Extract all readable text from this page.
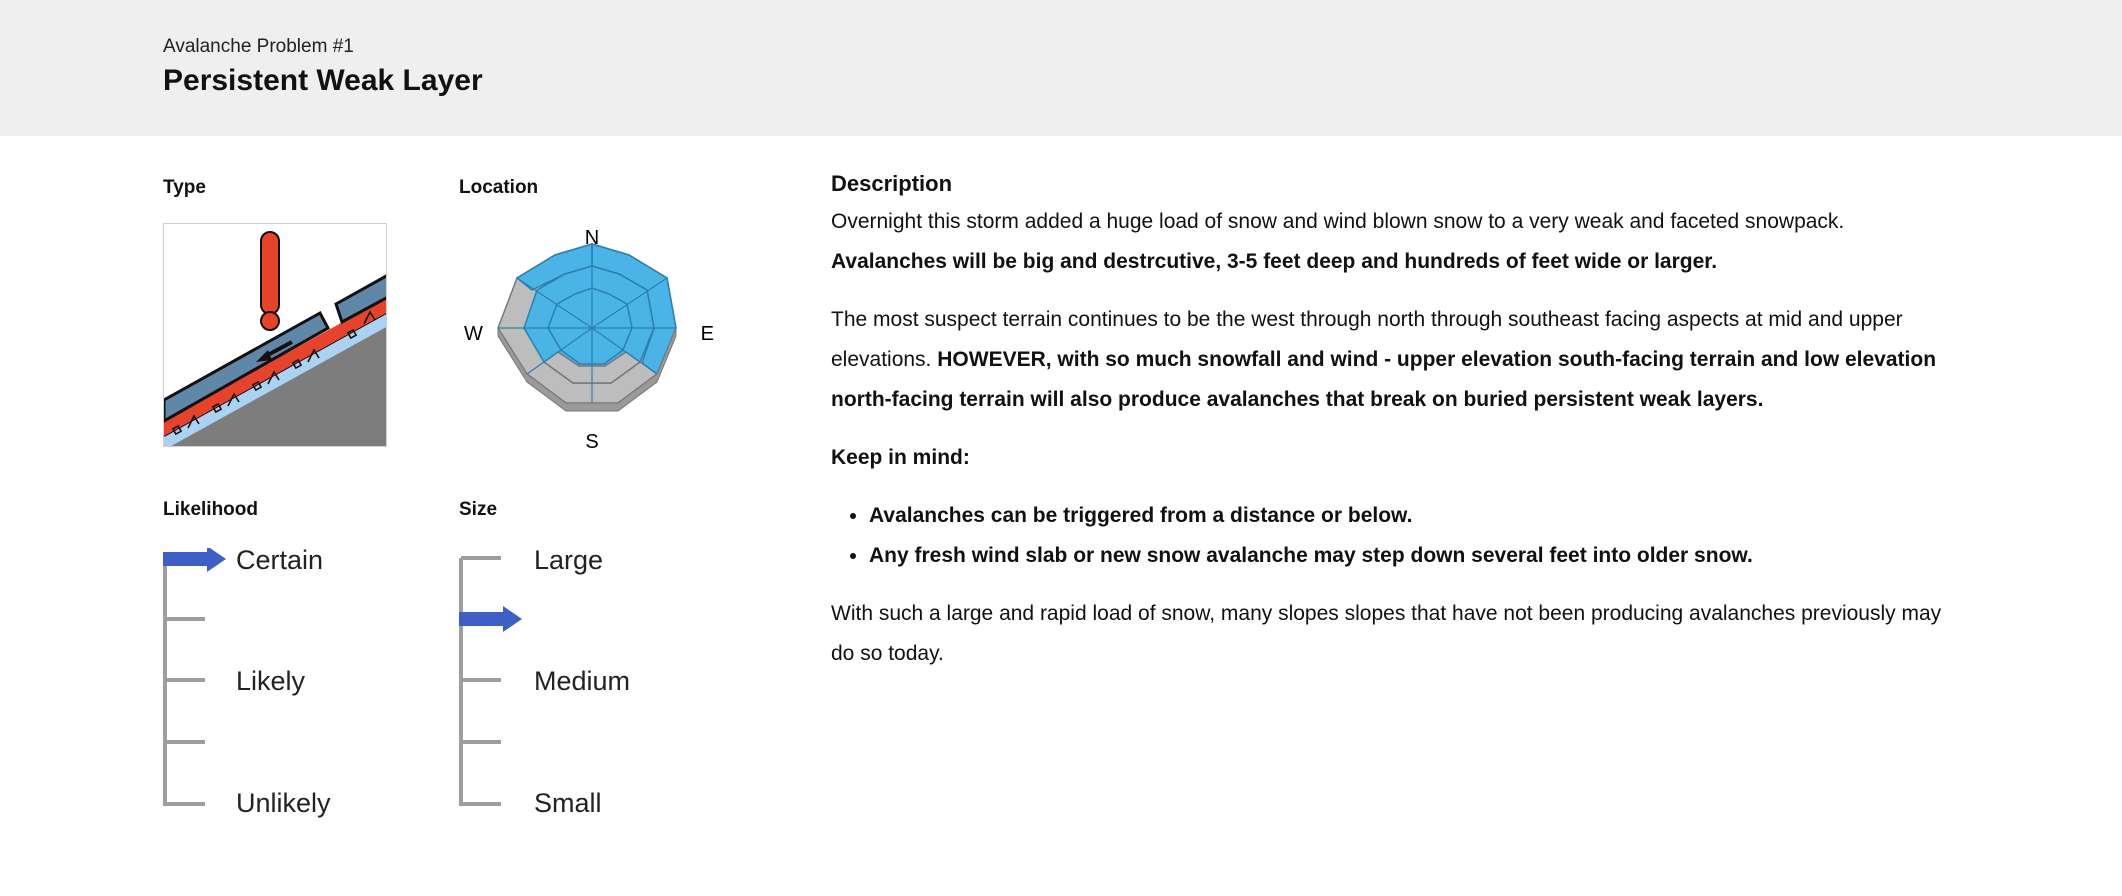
Avalanche Problem #1
Persistent Weak Layer
Type	Location
N
E
S
W
Likelihood
Certain
Likely
Unlikely
Size
Large
Medium
Small
Description

Overnight this storm added a huge load of snow and wind blown snow to a very weak and faceted snowpack.
Avalanches will be big and destrcutive, 3-5 feet deep and hundreds of feet wide or larger.

The most suspect terrain continues to be the west through north through southeast facing aspects at mid and upper elevations. HOWEVER, with so much snowfall and wind - upper elevation south-facing terrain and low elevation north-facing terrain will also produce avalanches that break on buried persistent weak layers.

Keep in mind:

• Avalanches can be triggered from a distance or below.
• Any fresh wind slab or new snow avalanche may step down several feet into older snow.

With such a large and rapid load of snow, many slopes slopes that have not been producing avalanches previously may do so today.
